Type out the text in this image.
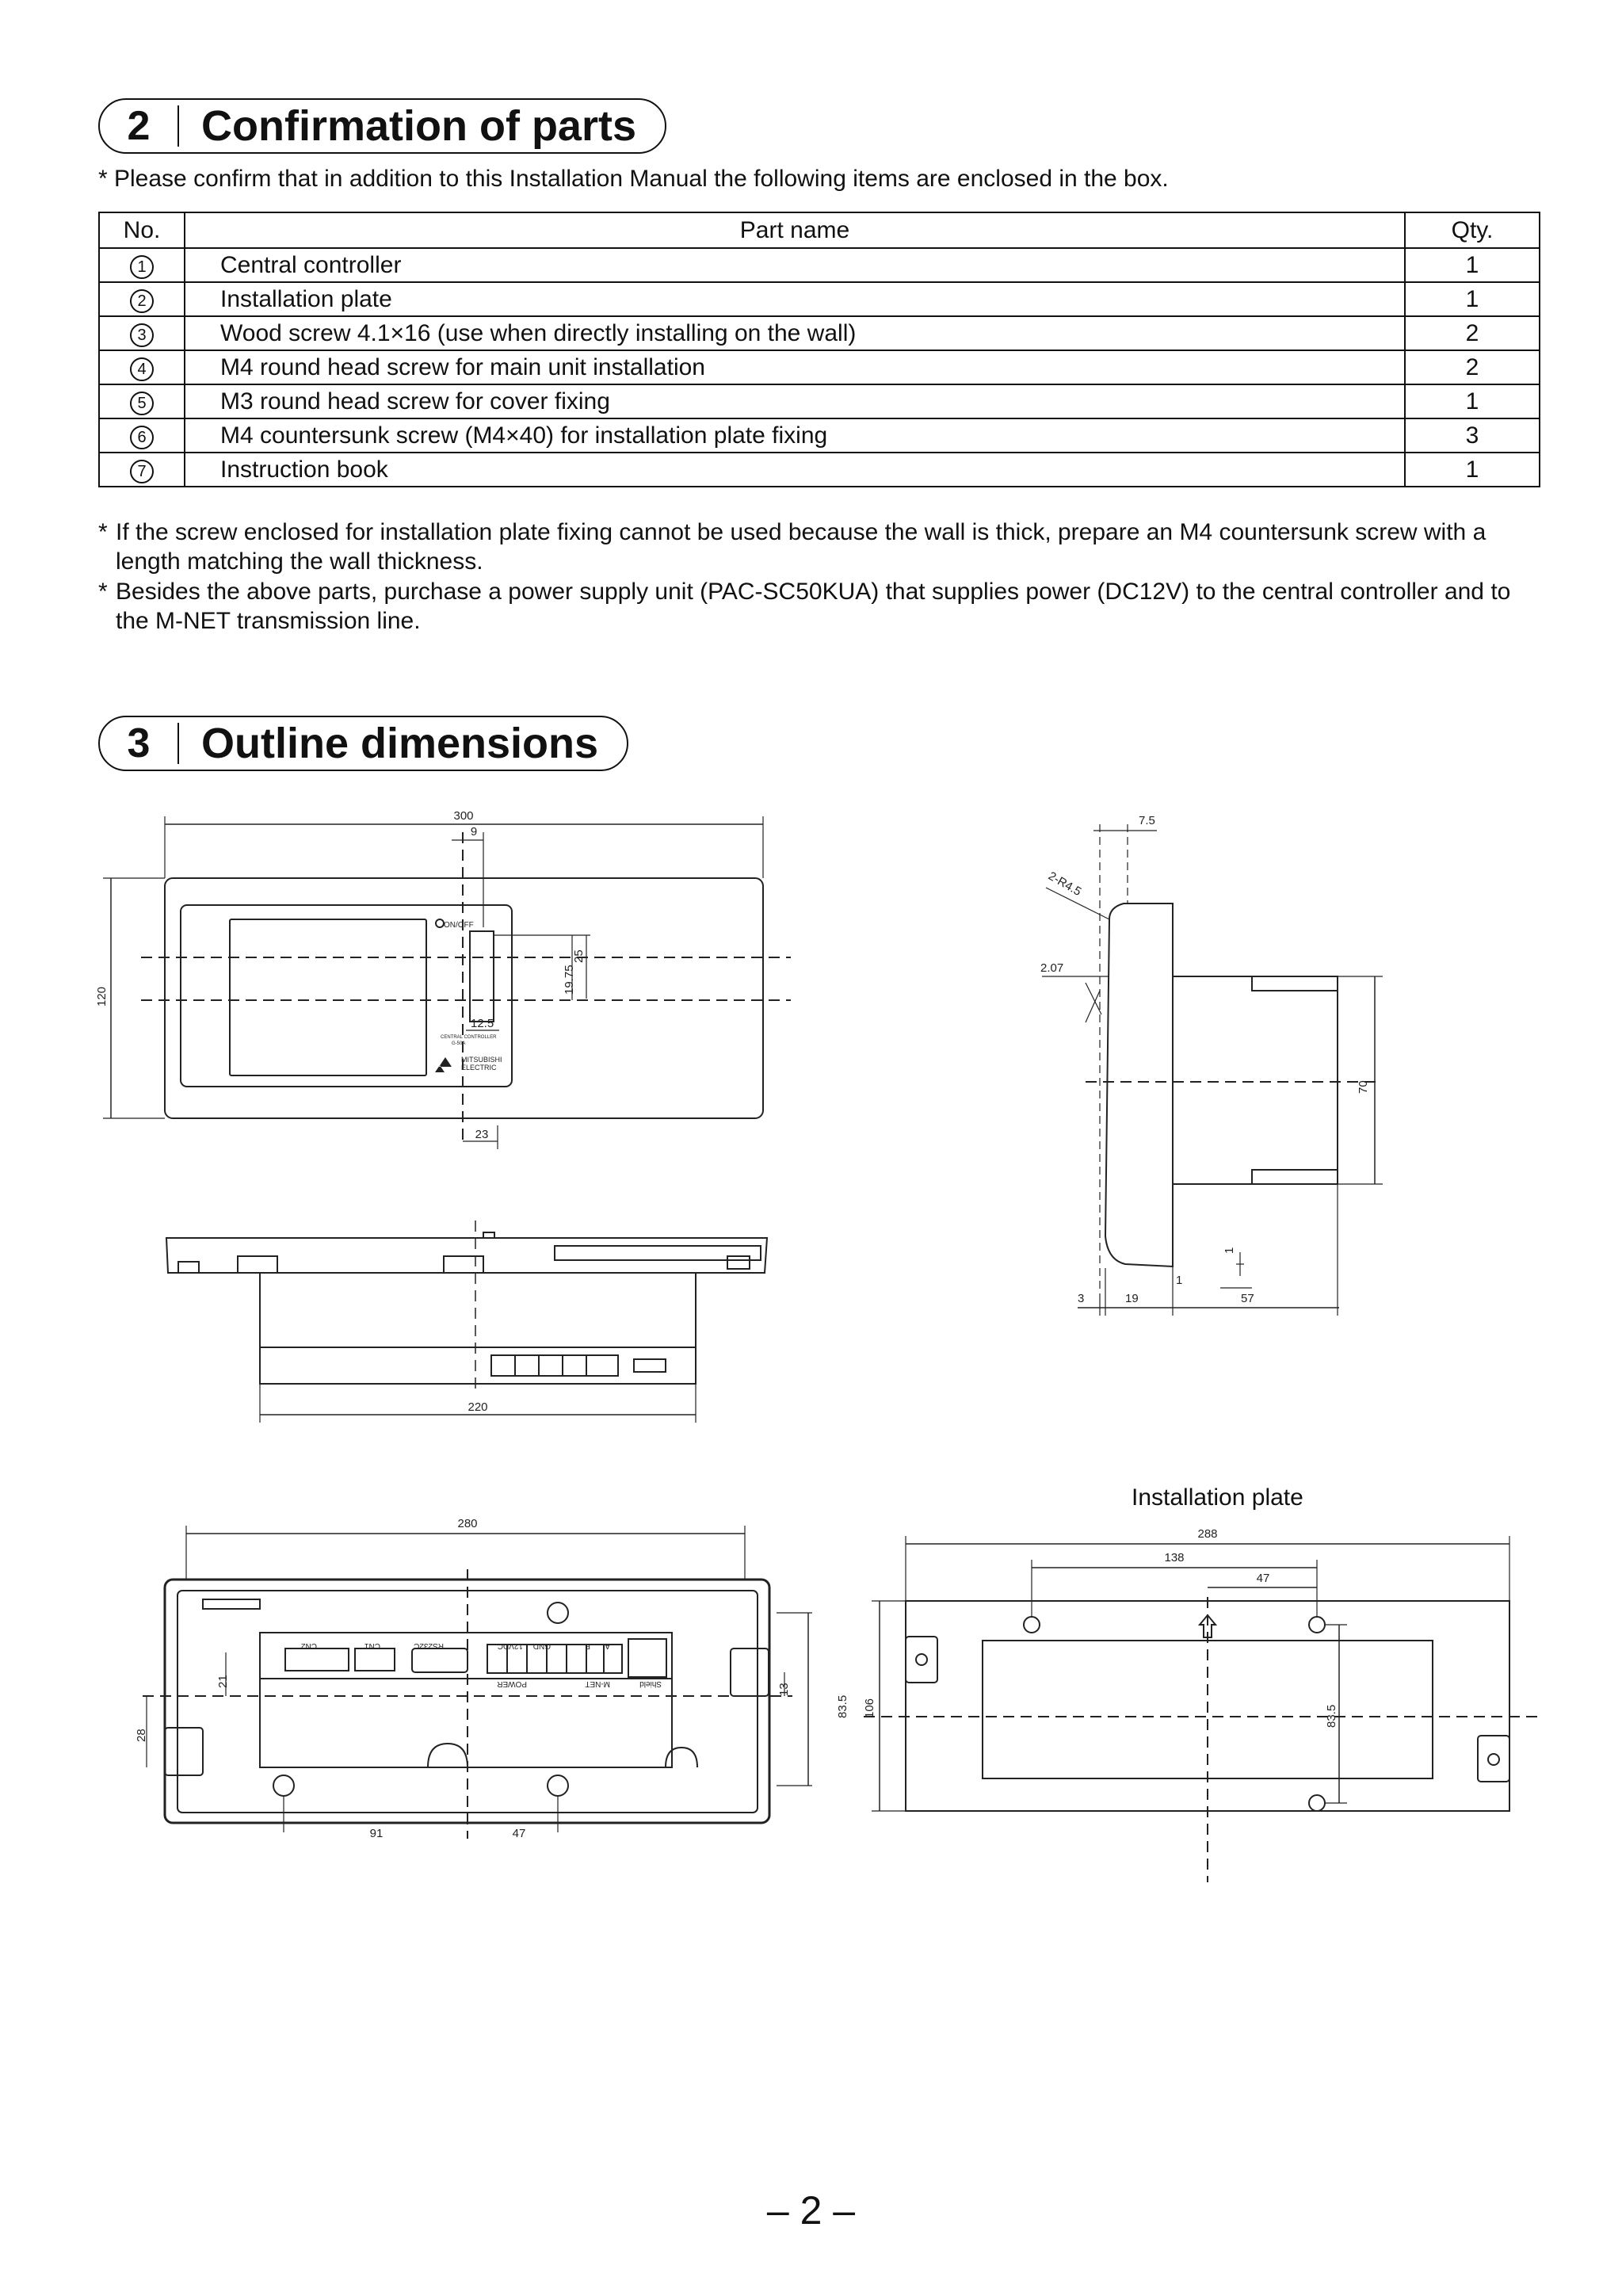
2	Confirmation of parts
* Please confirm that in addition to this Installation Manual the following items are enclosed in the box.
No.	Part name	Qty.
1	Central controller	1
2	Installation plate	1
3	Wood screw 4.1×16 (use when directly installing on the wall)	2
4	M4 round head screw for main unit installation	2
5	M3 round head screw for cover fixing	1
6	M4 countersunk screw (M4×40) for installation plate fixing	3
7	Instruction book	1
* If the screw enclosed for installation plate fixing cannot be used because the wall is thick, prepare an M4 countersunk screw with a length matching the wall thickness.
* Besides the above parts, purchase a power supply unit (PAC-SC50KUA) that supplies power (DC12V) to the central controller and to the M-NET transmission line.
3	Outline dimensions
Installation plate
300
9
25
19.75
12.5
23
120
ON/OFF
CENTRAL CONTROLLER
G-50A
MITSUBISHI
ELECTRIC
220
7.5
2-R4.5
2.07
70
1
1
3	19	57
280
21
28
13
83.5
91	47
CN2	CN1	RS232C	12VDC GND	B A
POWER	M-NET	Shield
288
138
47
106	83.5
– 2 –
